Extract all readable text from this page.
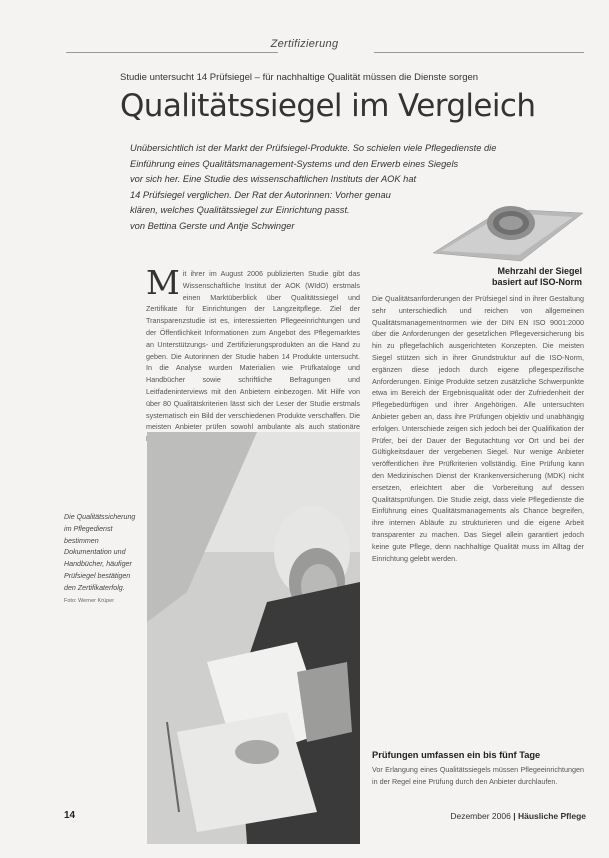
Zertifizierung
Studie untersucht 14 Prüfsiegel – für nachhaltige Qualität müssen die Dienste sorgen
Qualitätssiegel im Vergleich

Unübersichtlich ist der Markt der Prüfsiegel-Produkte. So schielen viele Pflegedienste die

Einführung eines Qualitätsmanagement-Systems und den Erwerb eines Siegels

vor sich her. Eine Studie des wissenschaftlichen Instituts der AOK hat

14 Prüfsiegel verglichen. Der Rat der Autorinnen: Vorher genau

klären, welches Qualitätssiegel zur Einrichtung passt.

von Bettina Gerste und Antje Schwinger

M it ihrer im August 2006 publizierten Studie gibt das Wissenschaftliche Institut der AOK (WIdO) erstmals einen Marktüberblick über Qualitätssiegel und Zertifikate für Einrichtungen der Langzeitpflege. Ziel der Transparenzstudie ist es, interessierten Pflegeeinrichtungen und der Öffentlichkeit Informationen zum Angebot des Pflegemarktes an Unterstützungs- und Zertifizierungsprodukten an die Hand zu geben. Die Autorinnen der Studie haben 14 Produkte untersucht. In die Analyse wurden Materialien wie Prüfkataloge und Handbücher sowie schriftliche Befragungen und Leitfadeninterviews mit den Anbietern einbezogen. Mit Hilfe von über 80 Qualitätskriterien lässt sich der Leser der Studie erstmals systematisch ein Bild der verschiedenen Produkte verschaffen. Die meisten Anbieter prüfen sowohl ambulante als auch stationäre

Mehrzahl der Siegel
basiert auf ISO-Norm

Die Qualitätsanforderungen der Prüfsiegel sind in ihrer Gestaltung sehr unterschiedlich und reichen von allgemeinen Qualitätsmanagementnormen wie der DIN EN ISO 9001:2000 über die Anforderungen der gesetzlichen Pflegeversicherung bis hin zu pflegefachlich ausgerichteten Konzepten. Die meisten Siegel stützen sich in ihrer Grundstruktur auf die ISO-Norm, ergänzen diese jedoch durch eigene pflegespezifische Anforderungen. Einige Produkte setzen zusätzliche Schwerpunkte etwa im Bereich der Ergebnisqualität oder der Zufriedenheit der Pflegebedürftigen und ihrer Angehörigen. Alle untersuchten Anbieter geben an, dass ihre Prüfungen objektiv und unabhängig erfolgen. Unterschiede zeigen sich jedoch bei der Qualifikation der Prüfer, bei der Dauer der Begutachtung vor Ort und bei der Gültigkeitsdauer der vergebenen Siegel. Nur wenige Anbieter veröffentlichen ihre Prüfkriterien vollständig. Eine Prüfung kann den Medizinischen Dienst der Krankenversicherung (MDK) nicht ersetzen, erleichtert aber die Vorbereitung auf dessen Qualitätsprüfungen. Die Studie zeigt, dass viele Pflegedienste die Einführung eines Qualitätsmanagements als Chance begreifen, ihre internen Abläufe zu strukturieren und die eigene Arbeit transparenter zu machen. Das Siegel allein garantiert jedoch keine gute Pflege, denn nachhaltige Qualität muss im Alltag der Einrichtung gelebt werden.

Die Qualitätssicherung im Pflegedienst bestimmen Dokumentation und Handbücher, häufiger Prüfsiegel bestätigen den Zertifikaterfolg.
Foto: Werner Krüper
Prüfungen umfassen ein bis fünf Tage

Vor Erlangung eines Qualitätssiegels müssen Pflegeeinrichtungen in der Regel eine Prüfung durch den Anbieter durchlaufen.

14	Dezember 2006 | Häusliche Pflege
